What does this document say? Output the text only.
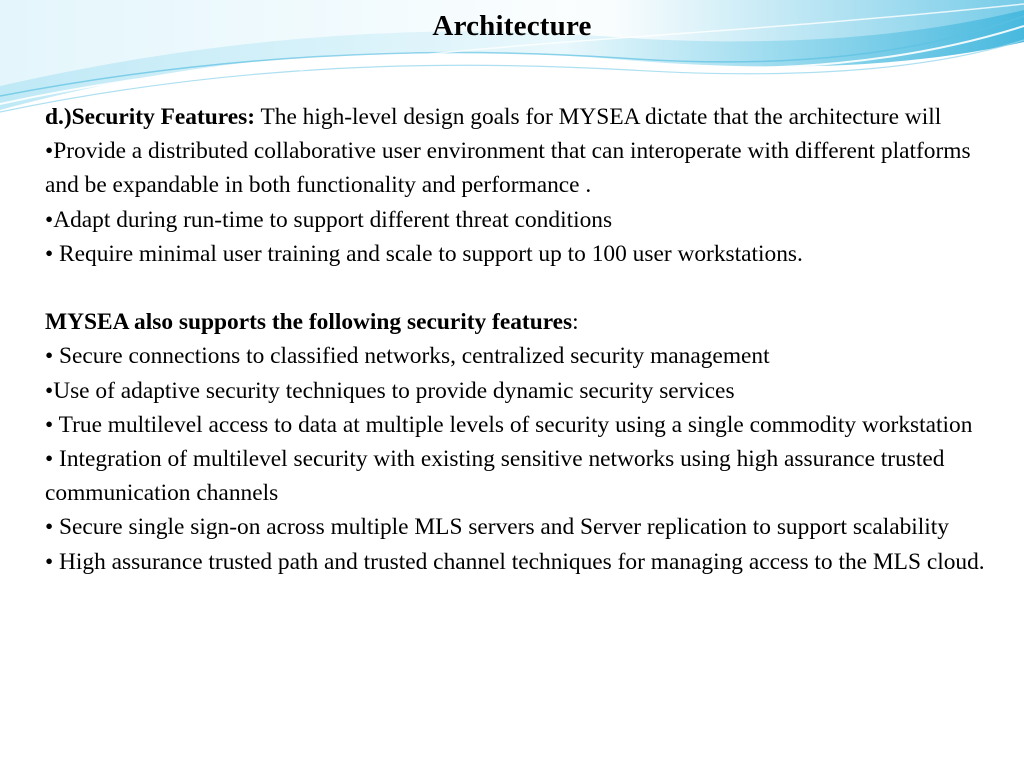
Architecture

d.)Security Features: The high-level design goals for MYSEA dictate that the architecture will

•Provide a distributed collaborative user environment that can interoperate with different platforms and be expandable in both functionality and performance .

•Adapt during run-time to support different threat conditions

• Require minimal user training and scale to support up to 100 user workstations.

MYSEA also supports the following security features:

• Secure connections to classified networks, centralized security management

•Use of adaptive security techniques to provide dynamic security services

• True multilevel access to data at multiple levels of security using a single commodity workstation

• Integration of multilevel security with existing sensitive networks using high assurance trusted communication channels

• Secure single sign-on across multiple MLS servers and Server replication to support scalability

• High assurance trusted path and trusted channel techniques for managing access to the MLS cloud.
